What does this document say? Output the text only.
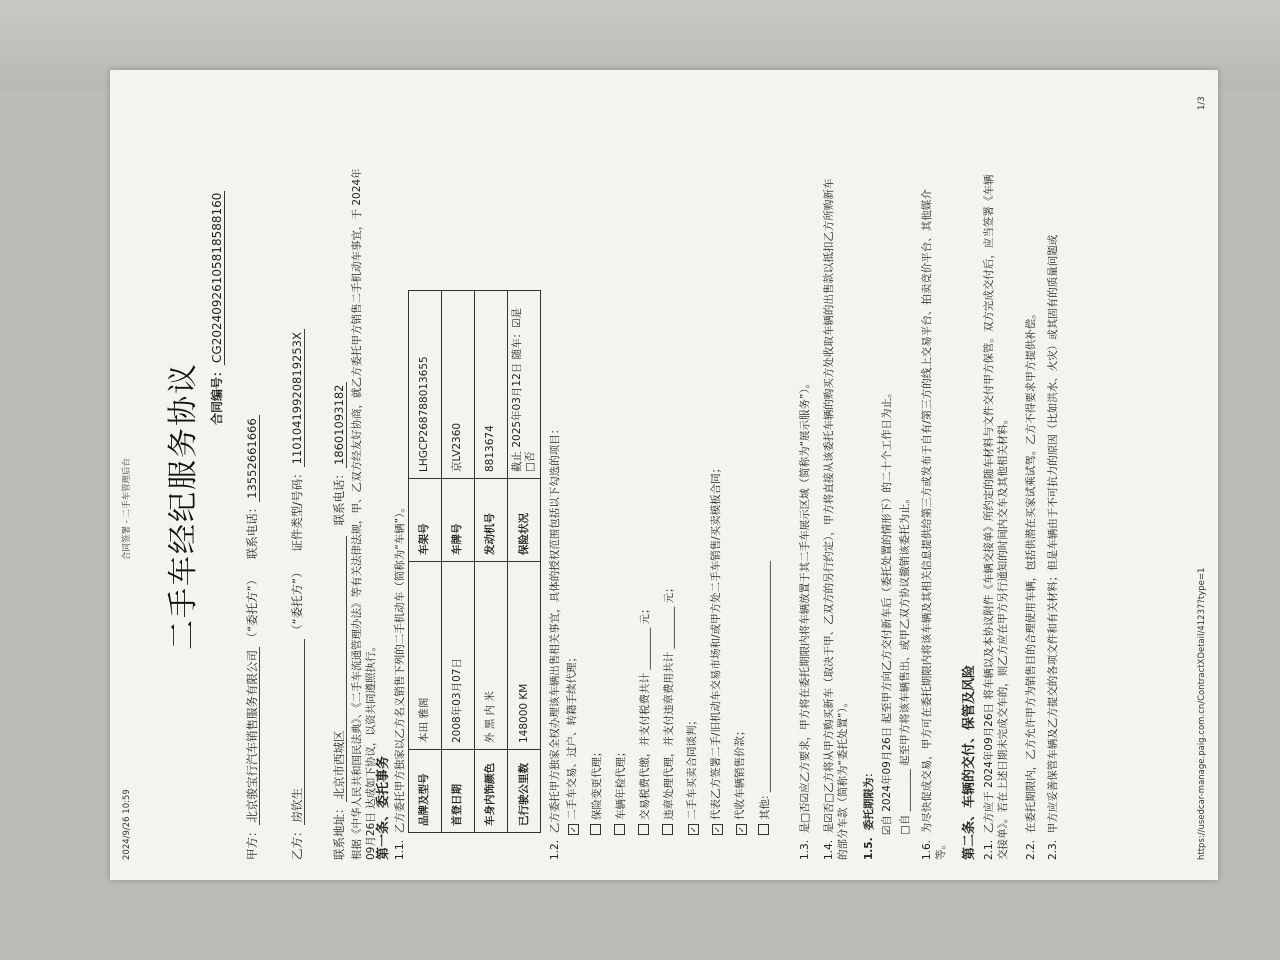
2024/9/26 10:59
合同签署 - 二手车管理后台 二手车经纪服务协议 合同编号：CG20240926105818588160
甲方：北京骏宝行汽车销售服务有限公司 （“委托方”）    联系电话：13552661666
乙方：房钦生 （“委托方”）    证件类型/号码：11010419920819253X
联系地址：北京市西城区   联系电话：18601093182 根据《中华人民共和国民法典》、《二手车流通管理办法》等有关法律法规，甲、乙双方经友好协商，就乙方委托甲方销售二手机动车事宜，于 2024年09月26日 达成如下协议，以资共同遵照执行。
第一条、委托事务 1.1.  乙方委托甲方独家以乙方名义销售下列的二手机动车（简称为“车辆”）。 品牌及型号	本田 雅阁	车架号	LHGCP268788013655
首登日期	2008年03月07日	车牌号	京LV2360
车身内饰颜色	外 黑 内 米	发动机号	8813674
已行驶公里数	148000 KM	保险状况	截止 2025年03月12日 随车：☑是 □否
1.2.  乙方委托甲方独家全权办理该车辆出售相关事宜，具体的授权范围包括以下勾选的项目：	✓二手车交易、过户、转籍手续代理； 保险变更代理； 车辆年检代理； 交易税费代缴，并支付税费共计 ________ 元； 违章处理代理，并支付违章费用共计 ________ 元；
✓二手车买卖合同谈判；
✓代表乙方签署二手/旧机动车交易市场和/或甲方处二手车销售/买卖模板合同；
✓代收车辆销售价款； 其他: ____________________________________________
1.3.  是□否☑应乙方要求，甲方将在委托期限内将车辆放置于其二手车展示区域（简称为“展示服务”）。
1.4.  是☑否□乙方将从甲方购买新车（取决于甲、乙双方的另行约定），甲方将直接从该委托车辆的购买方处收取车辆的出售款以抵扣乙方所购新车的部分车款（简称为“委托处置”）。 1.5.  委托期限为： ☑自 2024年09月26日 起至甲方向乙方交付新车后（委托处置的情形下）的二十个工作日为止。 □自 ________ 起至甲方将该车辆售出、或甲乙双方协议撤销该委托为止。
1.6.  为尽快促成交易，甲方可在委托期限内将该车辆及其相关信息提供给第三方或发布于自有/第三方的线上交易平台、拍卖竞价平台、其他媒介等。 第二条、车辆的交付、保管及风险 2.1.  乙方应于 2024年09月26日 将车辆以及本协议附件《车辆交接单》所约定的随车材料与文件交付甲方保管。双方完成交付后，应当签署《车辆交接单》。若在上述日期未完成交车的，则乙方应在甲方另行通知的时间内交车及其他相关材料。 2.2.  在委托期限内，乙方允许甲方为销售目的合理使用车辆，包括供潜在买家试乘试驾。乙方不得要求甲方提供补偿。
2.3.  甲方应妥善保管车辆及乙方提交的各项文件和有关材料；但是车辆由于不可抗力的原因（比如洪水、火灾）或其固有的质量问题或	https://usedcar-manage.paig.com.cn/ContractXDetail/41237?type=1
1/3
